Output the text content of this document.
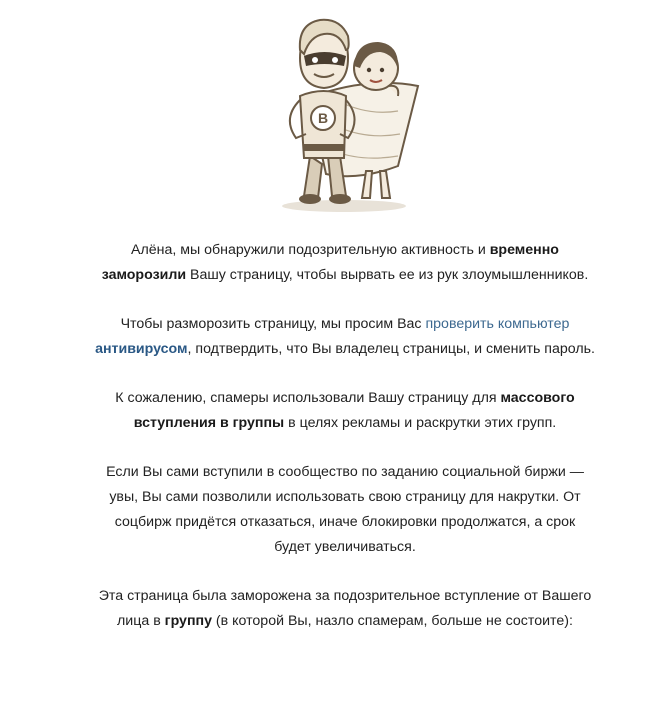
В

Алёна, мы обнаружили подозрительную активность и временно заморозили Вашу страницу, чтобы вырвать ее из рук злоумышленников.

Чтобы разморозить страницу, мы просим Вас проверить компьютер антивирусом, подтвердить, что Вы владелец страницы, и сменить пароль.

К сожалению, спамеры использовали Вашу страницу для массового вступления в группы в целях рекламы и раскрутки этих групп.

Если Вы сами вступили в сообщество по заданию социальной биржи — увы, Вы сами позволили использовать свою страницу для накрутки. От соцбирж придётся отказаться, иначе блокировки продолжатся, а срок будет увеличиваться.

Эта страница была заморожена за подозрительное вступление от Вашего лица в группу (в которой Вы, назло спамерам, больше не состоите):
